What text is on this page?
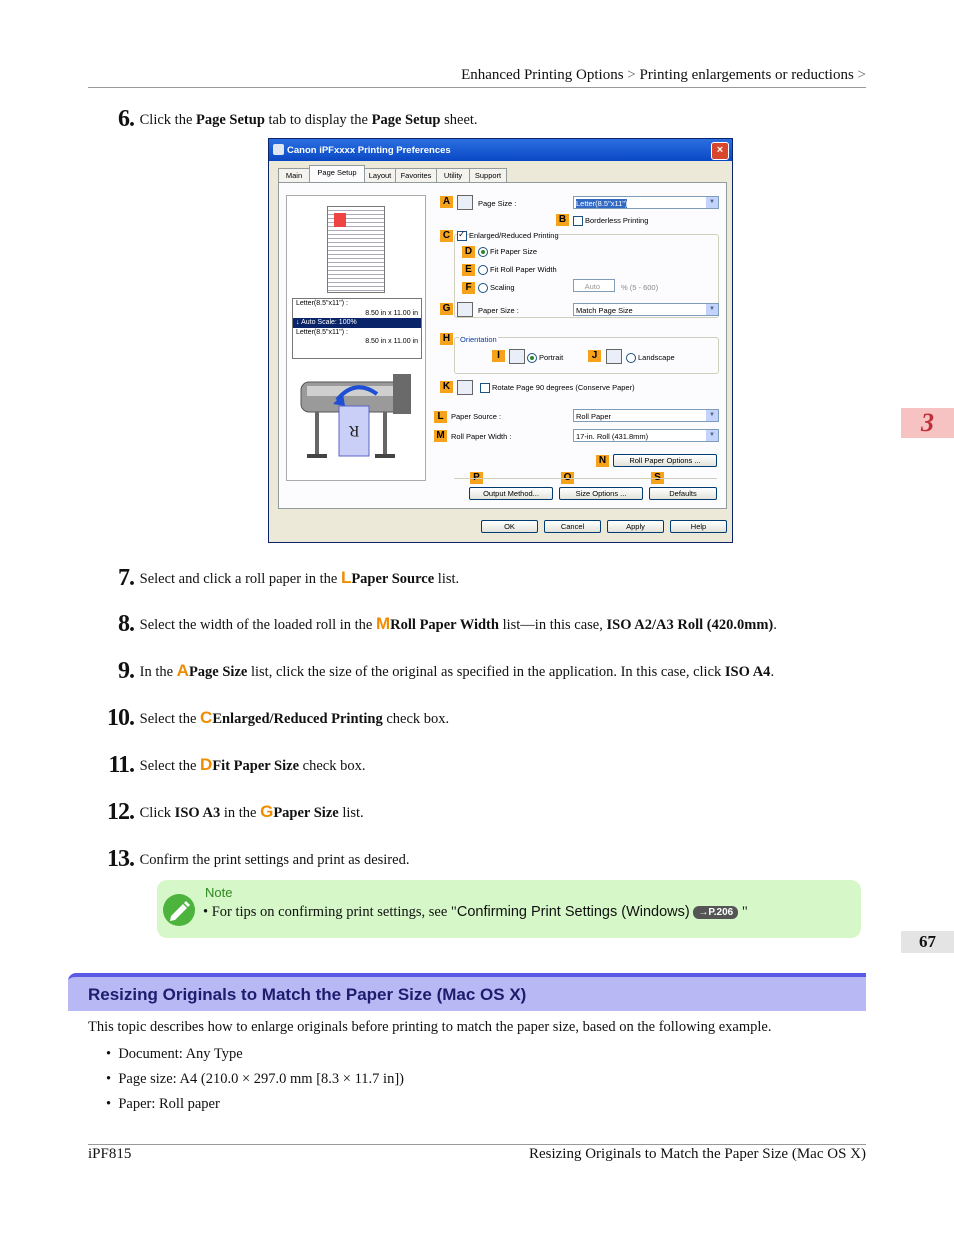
Enhanced Printing Options > Printing enlargements or reductions >
6. Click the Page Setup tab to display the Page Setup sheet.
Canon iPFxxxx Printing Preferences	×
Main	Page Setup	Layout	Favorites	Utility	Support
Letter(8.5"x11") :
8.50 in x 11.00 in
↓ Auto Scale: 100%
Letter(8.5"x11") :
8.50 in x 11.00 in
R
A	Page Size :	Letter(8.5"x11")	▼
B	Borderless Printing
C
✓	Enlarged/Reduced Printing
D	Fit Paper Size
E	Fit Roll Paper Width
F	Scaling	Auto	% (5 - 600)
G	Paper Size :	Match Page Size	▼
H	Orientation
I	Portrait	J	Landscape
K	Rotate Page 90 degrees (Conserve Paper)
L Paper Source :	Roll Paper	▼
M Roll Paper Width :	17-in. Roll (431.8mm)	▼
N	Roll Paper Options ...
P	O	S
Output Method...	Size Options ...	Defaults
OK	Cancel	Apply	Help
7. Select and click a roll paper in the LPaper Source list.
8. Select the width of the loaded roll in the MRoll Paper Width list—in this case, ISO A2/A3 Roll (420.0mm).
9. In the APage Size list, click the size of the original as specified in the application. In this case, click ISO A4.
10. Select the CEnlarged/Reduced Printing check box.
11. Select the DFit Paper Size check box.
12. Click ISO A3 in the GPaper Size list.
13. Confirm the print settings and print as desired.
Note
• For tips on confirming print settings, see "Confirming Print Settings (Windows) →P.206 "
3
67
Resizing Originals to Match the Paper Size (Mac OS X)
This topic describes how to enlarge originals before printing to match the paper size, based on the following example.
•  Document: Any Type
•  Page size: A4 (210.0 × 297.0 mm [8.3 × 11.7 in])
•  Paper: Roll paper
iPF815	Resizing Originals to Match the Paper Size (Mac OS X)
